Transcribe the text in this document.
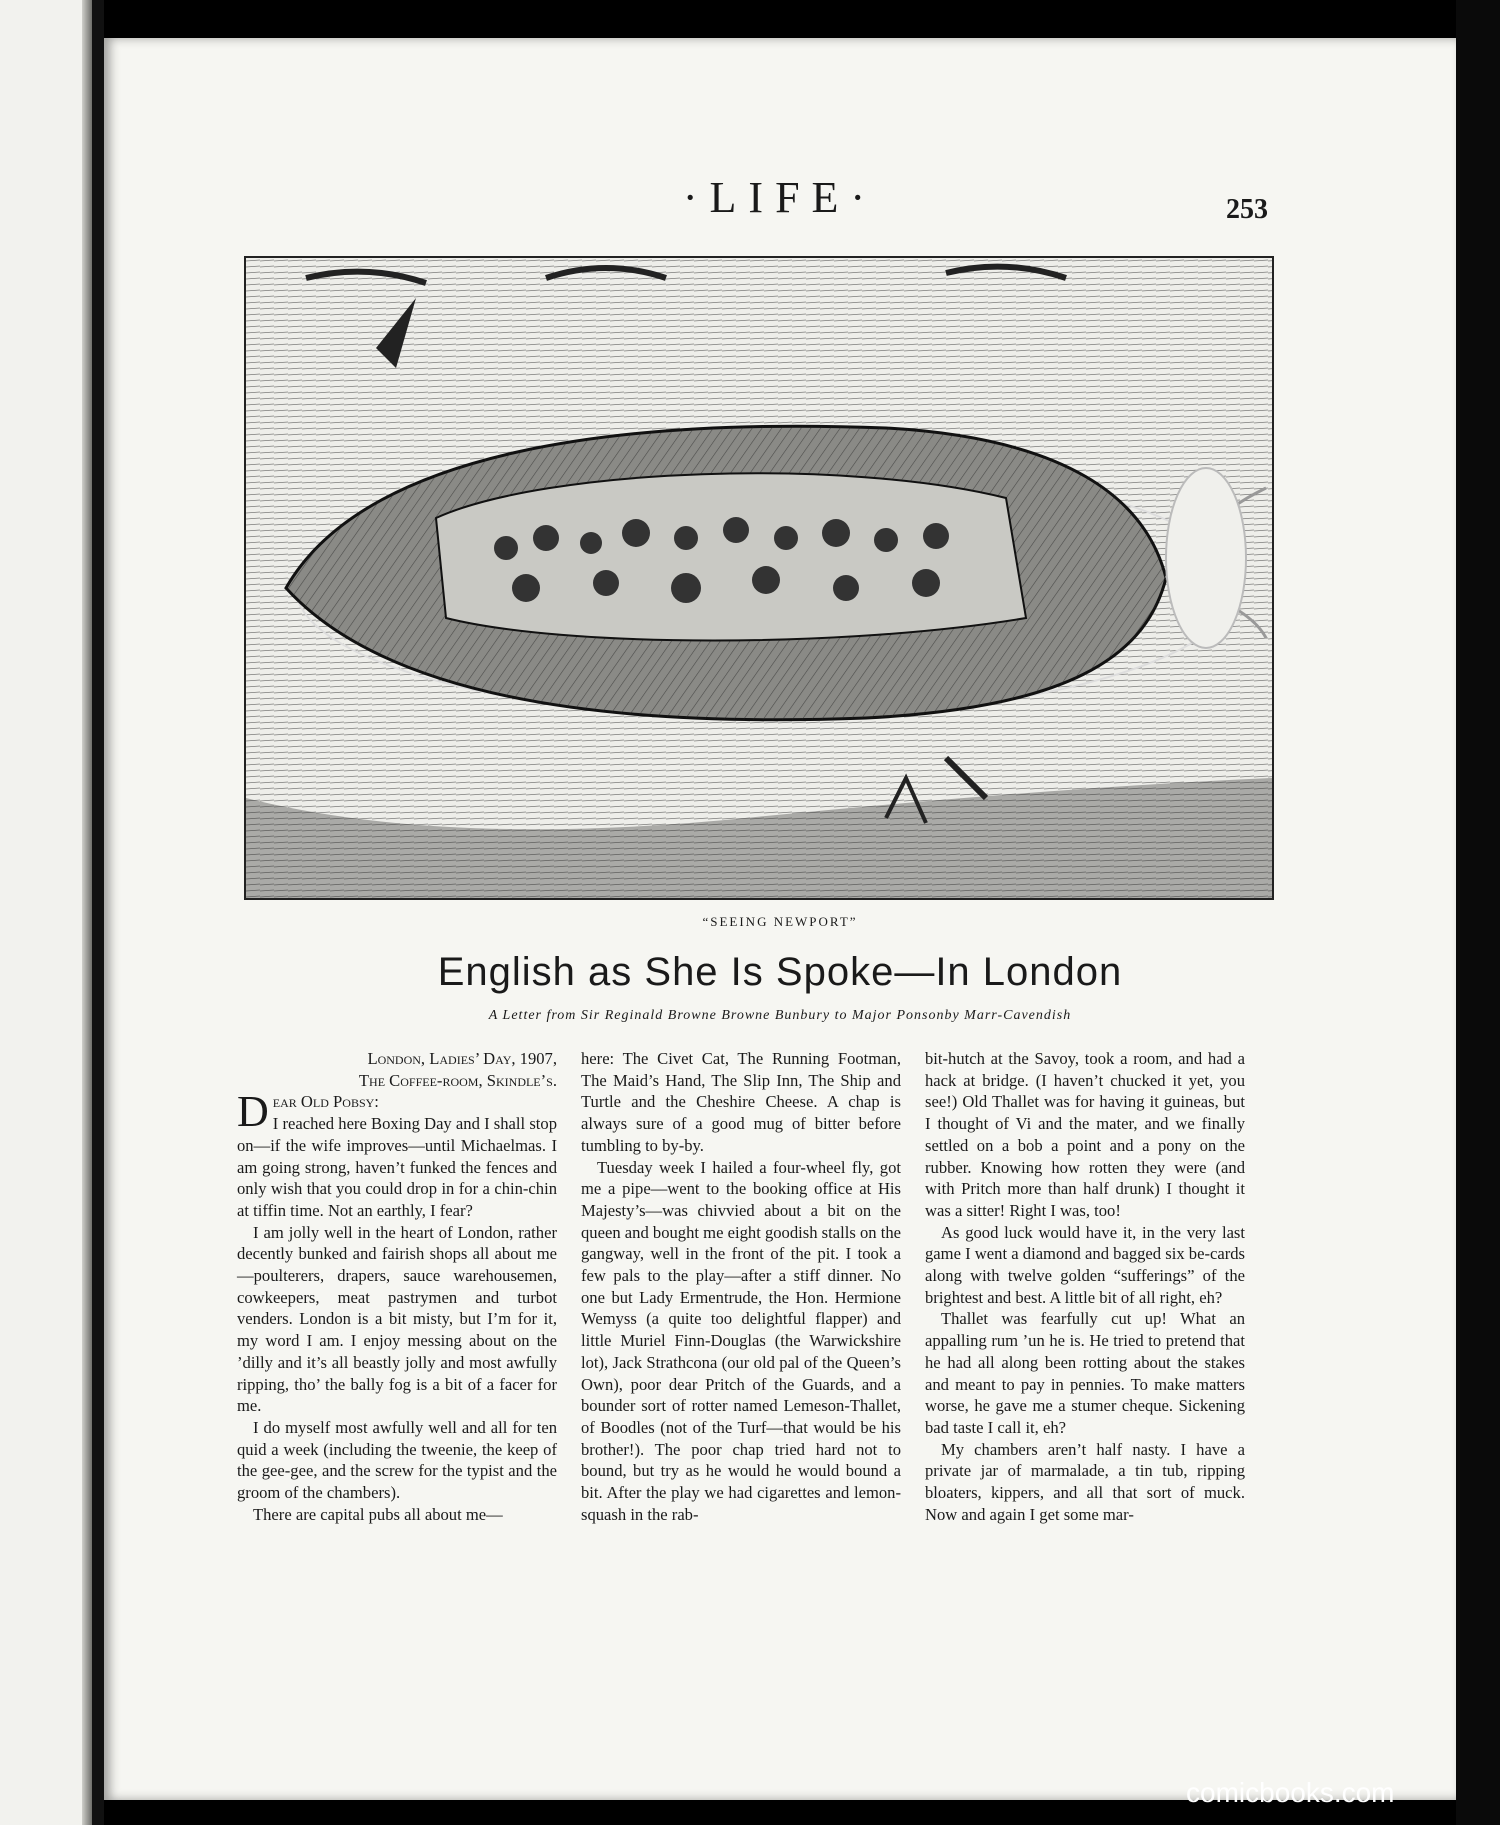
·LIFE·	253
“SEEING NEWPORT”
English as She Is Spoke—In London
A Letter from Sir Reginald Browne Browne Bunbury to Major Ponsonby Marr-Cavendish
London, Ladies’ Day, 1907,
The Coffee-room, Skindle’s.
Dear Old Pobsy:

I reached here Boxing Day and I shall stop on—if the wife improves—until Michaelmas. I am going strong, haven’t funked the fences and only wish that you could drop in for a chin-chin at tiffin time. Not an earthly, I fear?

I am jolly well in the heart of London, rather decently bunked and fairish shops all about me—poulterers, drapers, sauce warehousemen, cowkeepers, meat pastrymen and turbot venders. London is a bit misty, but I’m for it, my word I am. I enjoy messing about on the ’dilly and it’s all beastly jolly and most awfully ripping, tho’ the bally fog is a bit of a facer for me.

I do myself most awfully well and all for ten quid a week (including the tweenie, the keep of the gee-gee, and the screw for the typist and the groom of the chambers).

There are capital pubs all about me—

here: The Civet Cat, The Running Footman, The Maid’s Hand, The Slip Inn, The Ship and Turtle and the Cheshire Cheese. A chap is always sure of a good mug of bitter before tumbling to by-by.

Tuesday week I hailed a four-wheel fly, got me a pipe—went to the booking office at His Majesty’s—was chivvied about a bit on the queen and bought me eight goodish stalls on the gangway, well in the front of the pit. I took a few pals to the play—after a stiff dinner. No one but Lady Ermentrude, the Hon. Hermione Wemyss (a quite too delightful flapper) and little Muriel Finn-Douglas (the Warwickshire lot), Jack Strathcona (our old pal of the Queen’s Own), poor dear Pritch of the Guards, and a bounder sort of rotter named Lemeson-Thallet, of Boodles (not of the Turf—that would be his brother!). The poor chap tried hard not to bound, but try as he would he would bound a bit. After the play we had cigarettes and lemon-squash in the rab-

bit-hutch at the Savoy, took a room, and had a hack at bridge. (I haven’t chucked it yet, you see!) Old Thallet was for having it guineas, but I thought of Vi and the mater, and we finally settled on a bob a point and a pony on the rubber. Knowing how rotten they were (and with Pritch more than half drunk) I thought it was a sitter! Right I was, too!

As good luck would have it, in the very last game I went a diamond and bagged six be-cards along with twelve golden “sufferings” of the brightest and best. A little bit of all right, eh?

Thallet was fearfully cut up! What an appalling rum ’un he is. He tried to pretend that he had all along been rotting about the stakes and meant to pay in pennies. To make matters worse, he gave me a stumer cheque. Sickening bad taste I call it, eh?

My chambers aren’t half nasty. I have a private jar of marmalade, a tin tub, ripping bloaters, kippers, and all that sort of muck. Now and again I get some mar-

comicbooks.com
